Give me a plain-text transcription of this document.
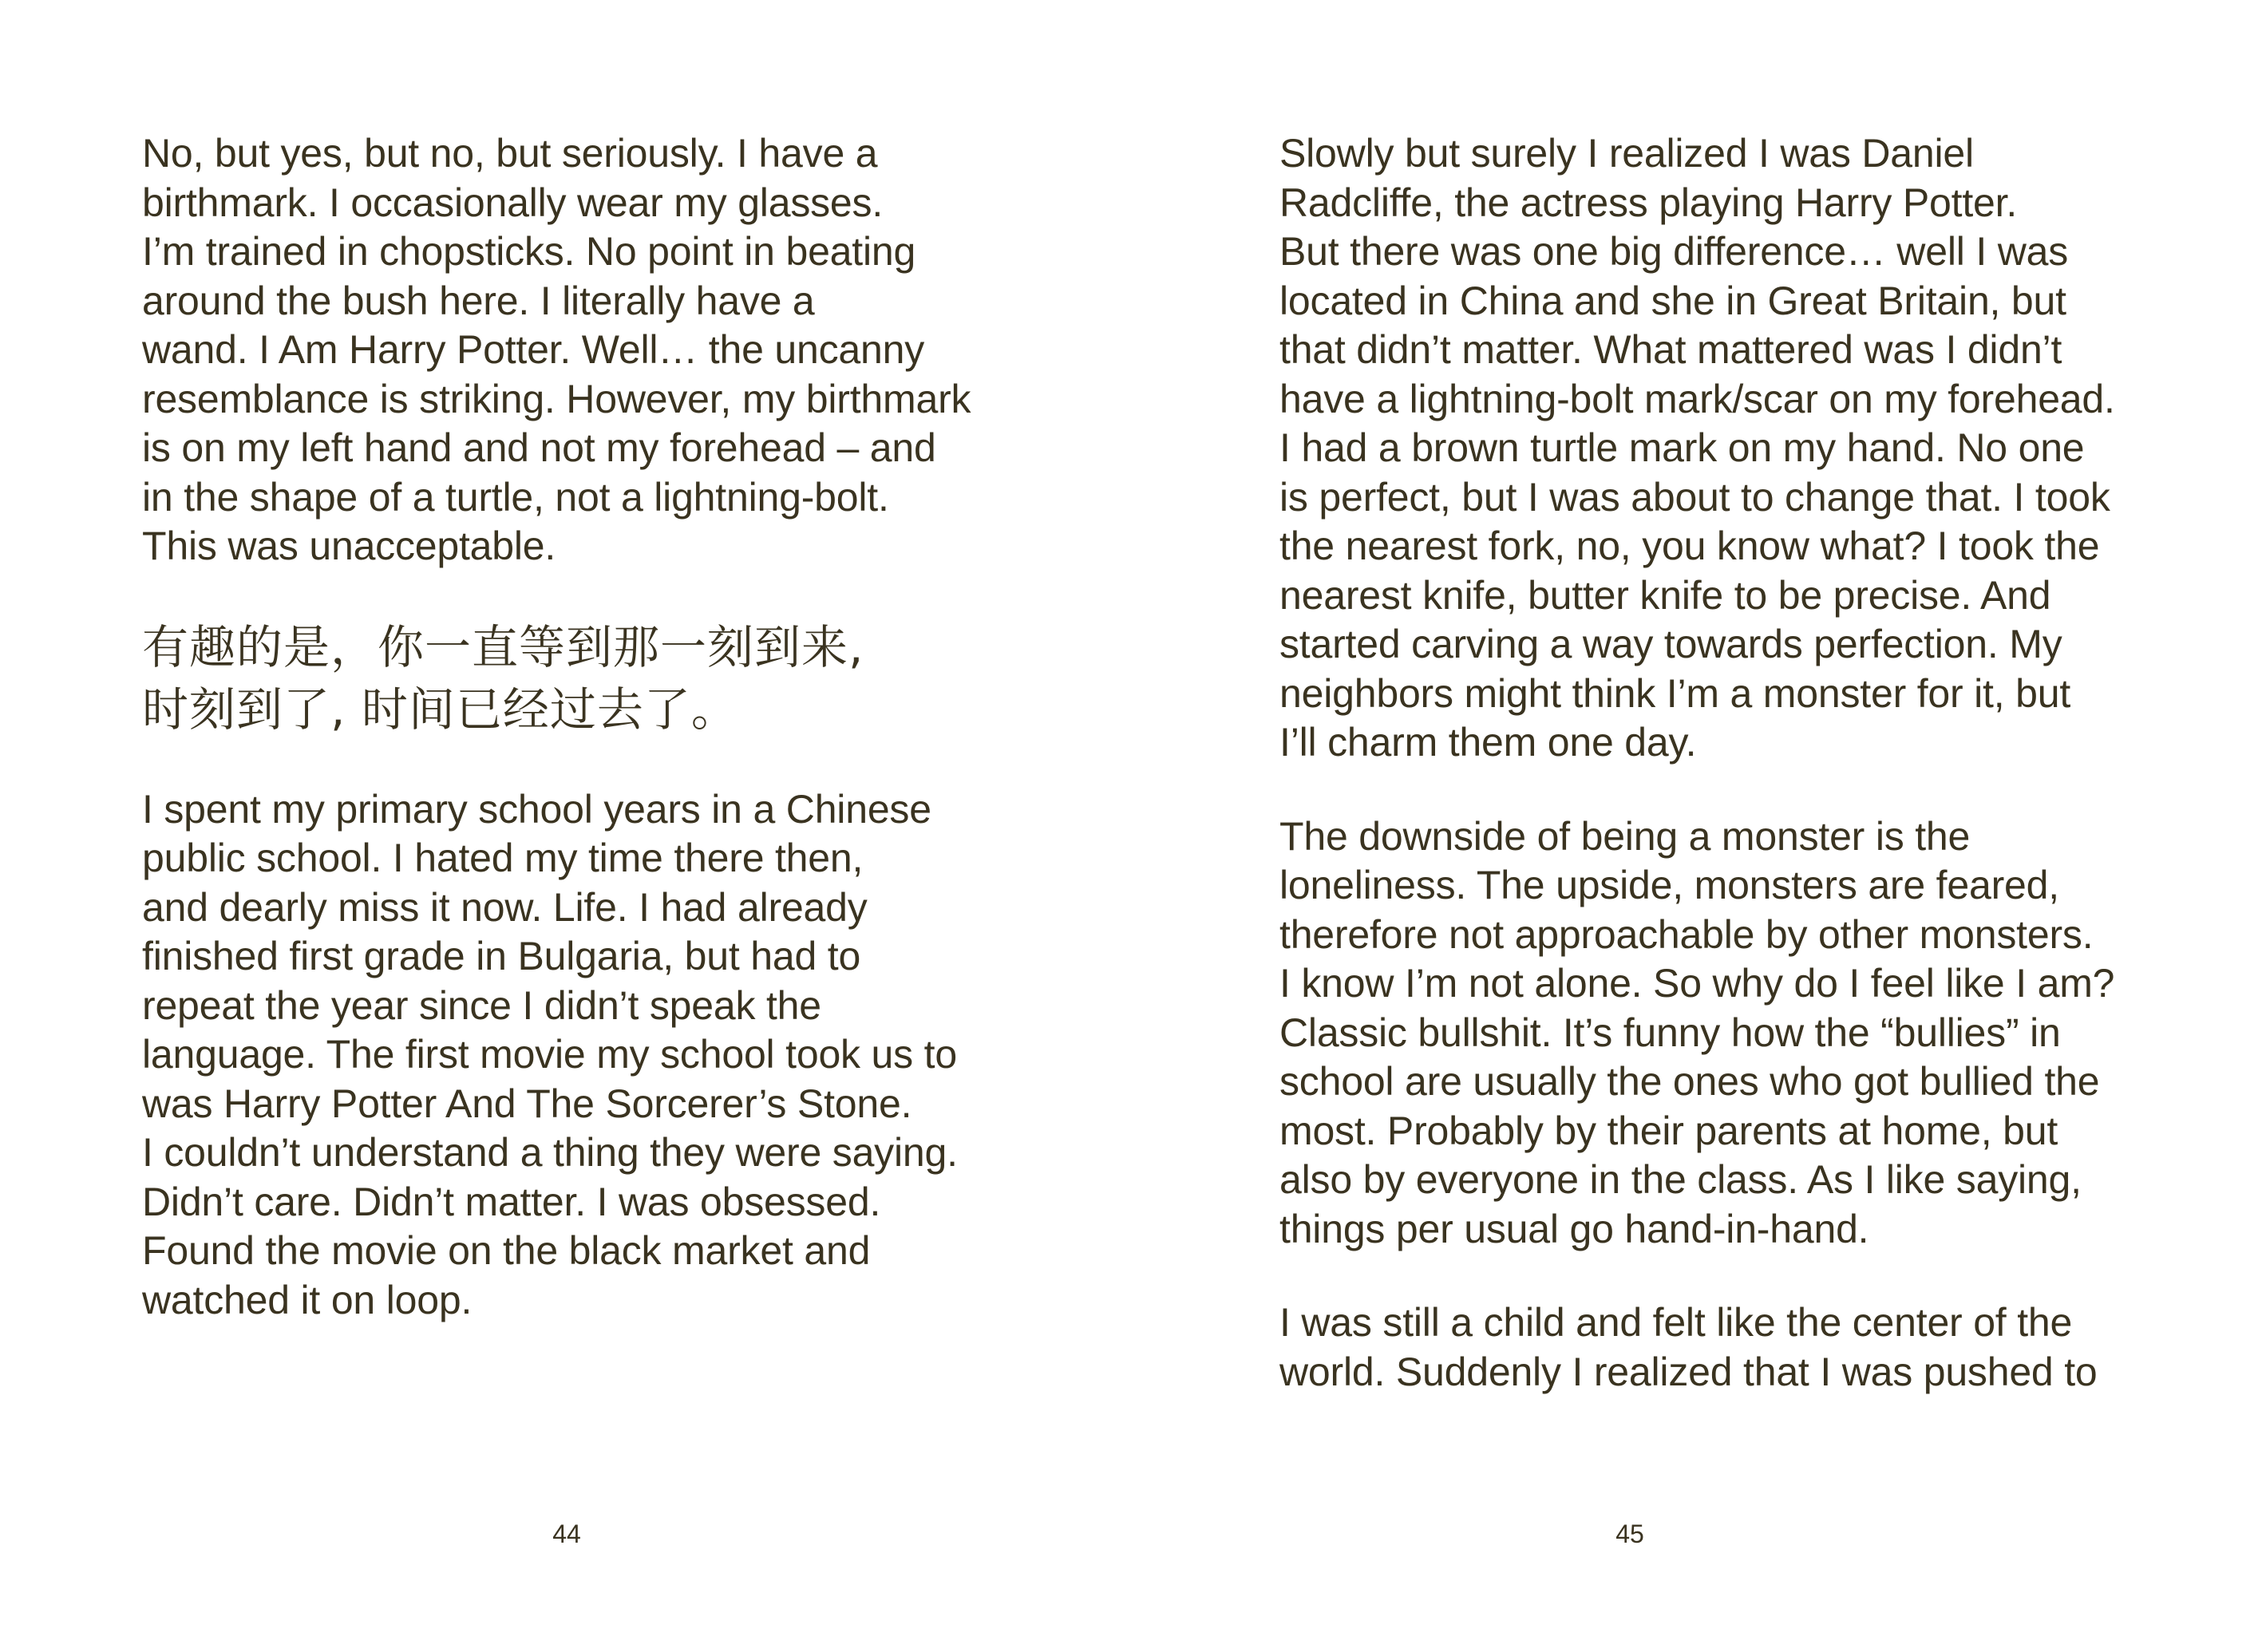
No, but yes, but no, but seriously. I have a
birthmark. I occasionally wear my glasses.
I’m trained in chopsticks. No point in beating
around the bush here. I literally have a
wand. I Am Harry Potter. Well… the uncanny
resemblance is striking. However, my birthmark
is on my left hand and not my forehead – and
in the shape of a turtle, not a lightning-bolt.
This was unacceptable.

有趣的是，你一直等到那一刻到来,
时刻到了, 时间已经过去了。

I spent my primary school years in a Chinese
public school. I hated my time there then,
and dearly miss it now. Life. I had already
finished first grade in Bulgaria, but had to
repeat the year since I didn’t speak the
language. The first movie my school took us to
was Harry Potter And The Sorcerer’s Stone.
I couldn’t understand a thing they were saying.
Didn’t care. Didn’t matter. I was obsessed.
Found the movie on the black market and
watched it on loop.

44

Slowly but surely I realized I was Daniel
Radcliffe, the actress playing Harry Potter.
But there was one big difference… well I was
located in China and she in Great Britain, but
that didn’t matter. What mattered was I didn’t
have a lightning-bolt mark/scar on my forehead.
I had a brown turtle mark on my hand. No one
is perfect, but I was about to change that. I took
the nearest fork, no, you know what? I took the
nearest knife, butter knife to be precise. And
started carving a way towards perfection. My
neighbors might think I’m a monster for it, but
I’ll charm them one day.

The downside of being a monster is the
loneliness. The upside, monsters are feared,
therefore not approachable by other monsters.
I know I’m not alone. So why do I feel like I am?
Classic bullshit. It’s funny how the “bullies” in
school are usually the ones who got bullied the
most. Probably by their parents at home, but
also by everyone in the class. As I like saying,
things per usual go hand-in-hand.

I was still a child and felt like the center of the
world. Suddenly I realized that I was pushed to

45
